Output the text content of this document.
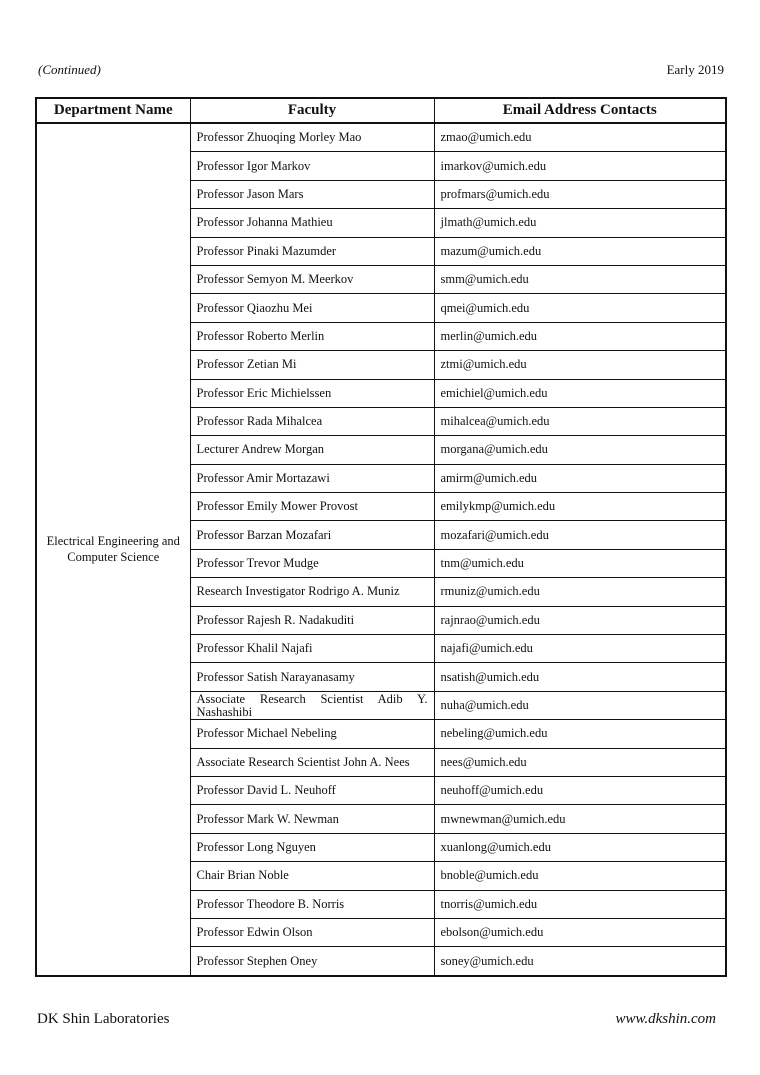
(Continued)	Early 2019
Department Name	Faculty	Email Address Contacts
Electrical Engineering and Computer Science	Professor Zhuoqing Morley Mao	zmao@umich.edu
	Professor Igor Markov	imarkov@umich.edu
	Professor Jason Mars	profmars@umich.edu
	Professor Johanna Mathieu	jlmath@umich.edu
	Professor Pinaki Mazumder	mazum@umich.edu
	Professor Semyon M. Meerkov	smm@umich.edu
	Professor Qiaozhu Mei	qmei@umich.edu
	Professor Roberto Merlin	merlin@umich.edu
	Professor Zetian Mi	ztmi@umich.edu
	Professor Eric Michielssen	emichiel@umich.edu
	Professor Rada Mihalcea	mihalcea@umich.edu
	Lecturer Andrew Morgan	morgana@umich.edu
	Professor Amir Mortazawi	amirm@umich.edu
	Professor Emily Mower Provost	emilykmp@umich.edu
	Professor Barzan Mozafari	mozafari@umich.edu
	Professor Trevor Mudge	tnm@umich.edu
	Research Investigator Rodrigo A. Muniz	rmuniz@umich.edu
	Professor Rajesh R. Nadakuditi	rajnrao@umich.edu
	Professor Khalil Najafi	najafi@umich.edu
	Professor Satish Narayanasamy	nsatish@umich.edu
	Associate Research Scientist Adib Y. Nashashibi	nuha@umich.edu
	Professor Michael Nebeling	nebeling@umich.edu
	Associate Research Scientist John A. Nees	nees@umich.edu
	Professor David L. Neuhoff	neuhoff@umich.edu
	Professor Mark W. Newman	mwnewman@umich.edu
	Professor Long Nguyen	xuanlong@umich.edu
	Chair Brian Noble	bnoble@umich.edu
	Professor Theodore B. Norris	tnorris@umich.edu
	Professor Edwin Olson	ebolson@umich.edu
	Professor Stephen Oney	soney@umich.edu
DK Shin Laboratories	www.dkshin.com
